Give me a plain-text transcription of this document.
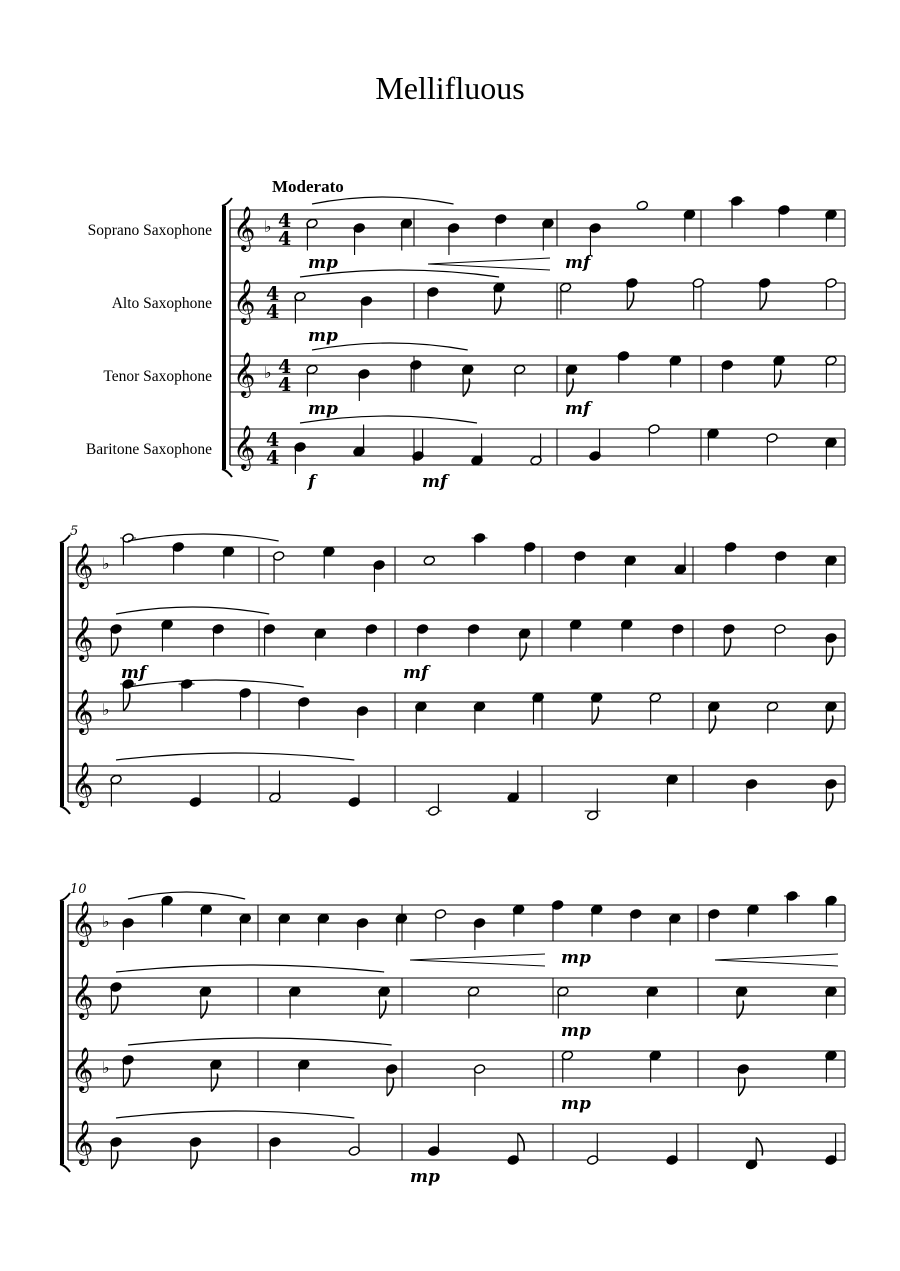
Mellifluous
Moderato
Soprano Saxophone
Alto Saxophone
Tenor Saxophone
Baritone Saxophone
𝄞 ♭ 4
4
𝄞 4
4
𝄞 ♭ 4
4
𝄞 4
4
mp	mf
mp
mp	mf
f	mf
5
𝄞 ♭
𝄞
𝄞 ♭
𝄞
mf	mf
10
𝄞 ♭
𝄞
𝄞 ♭
𝄞
mp
mp
mp
mp
